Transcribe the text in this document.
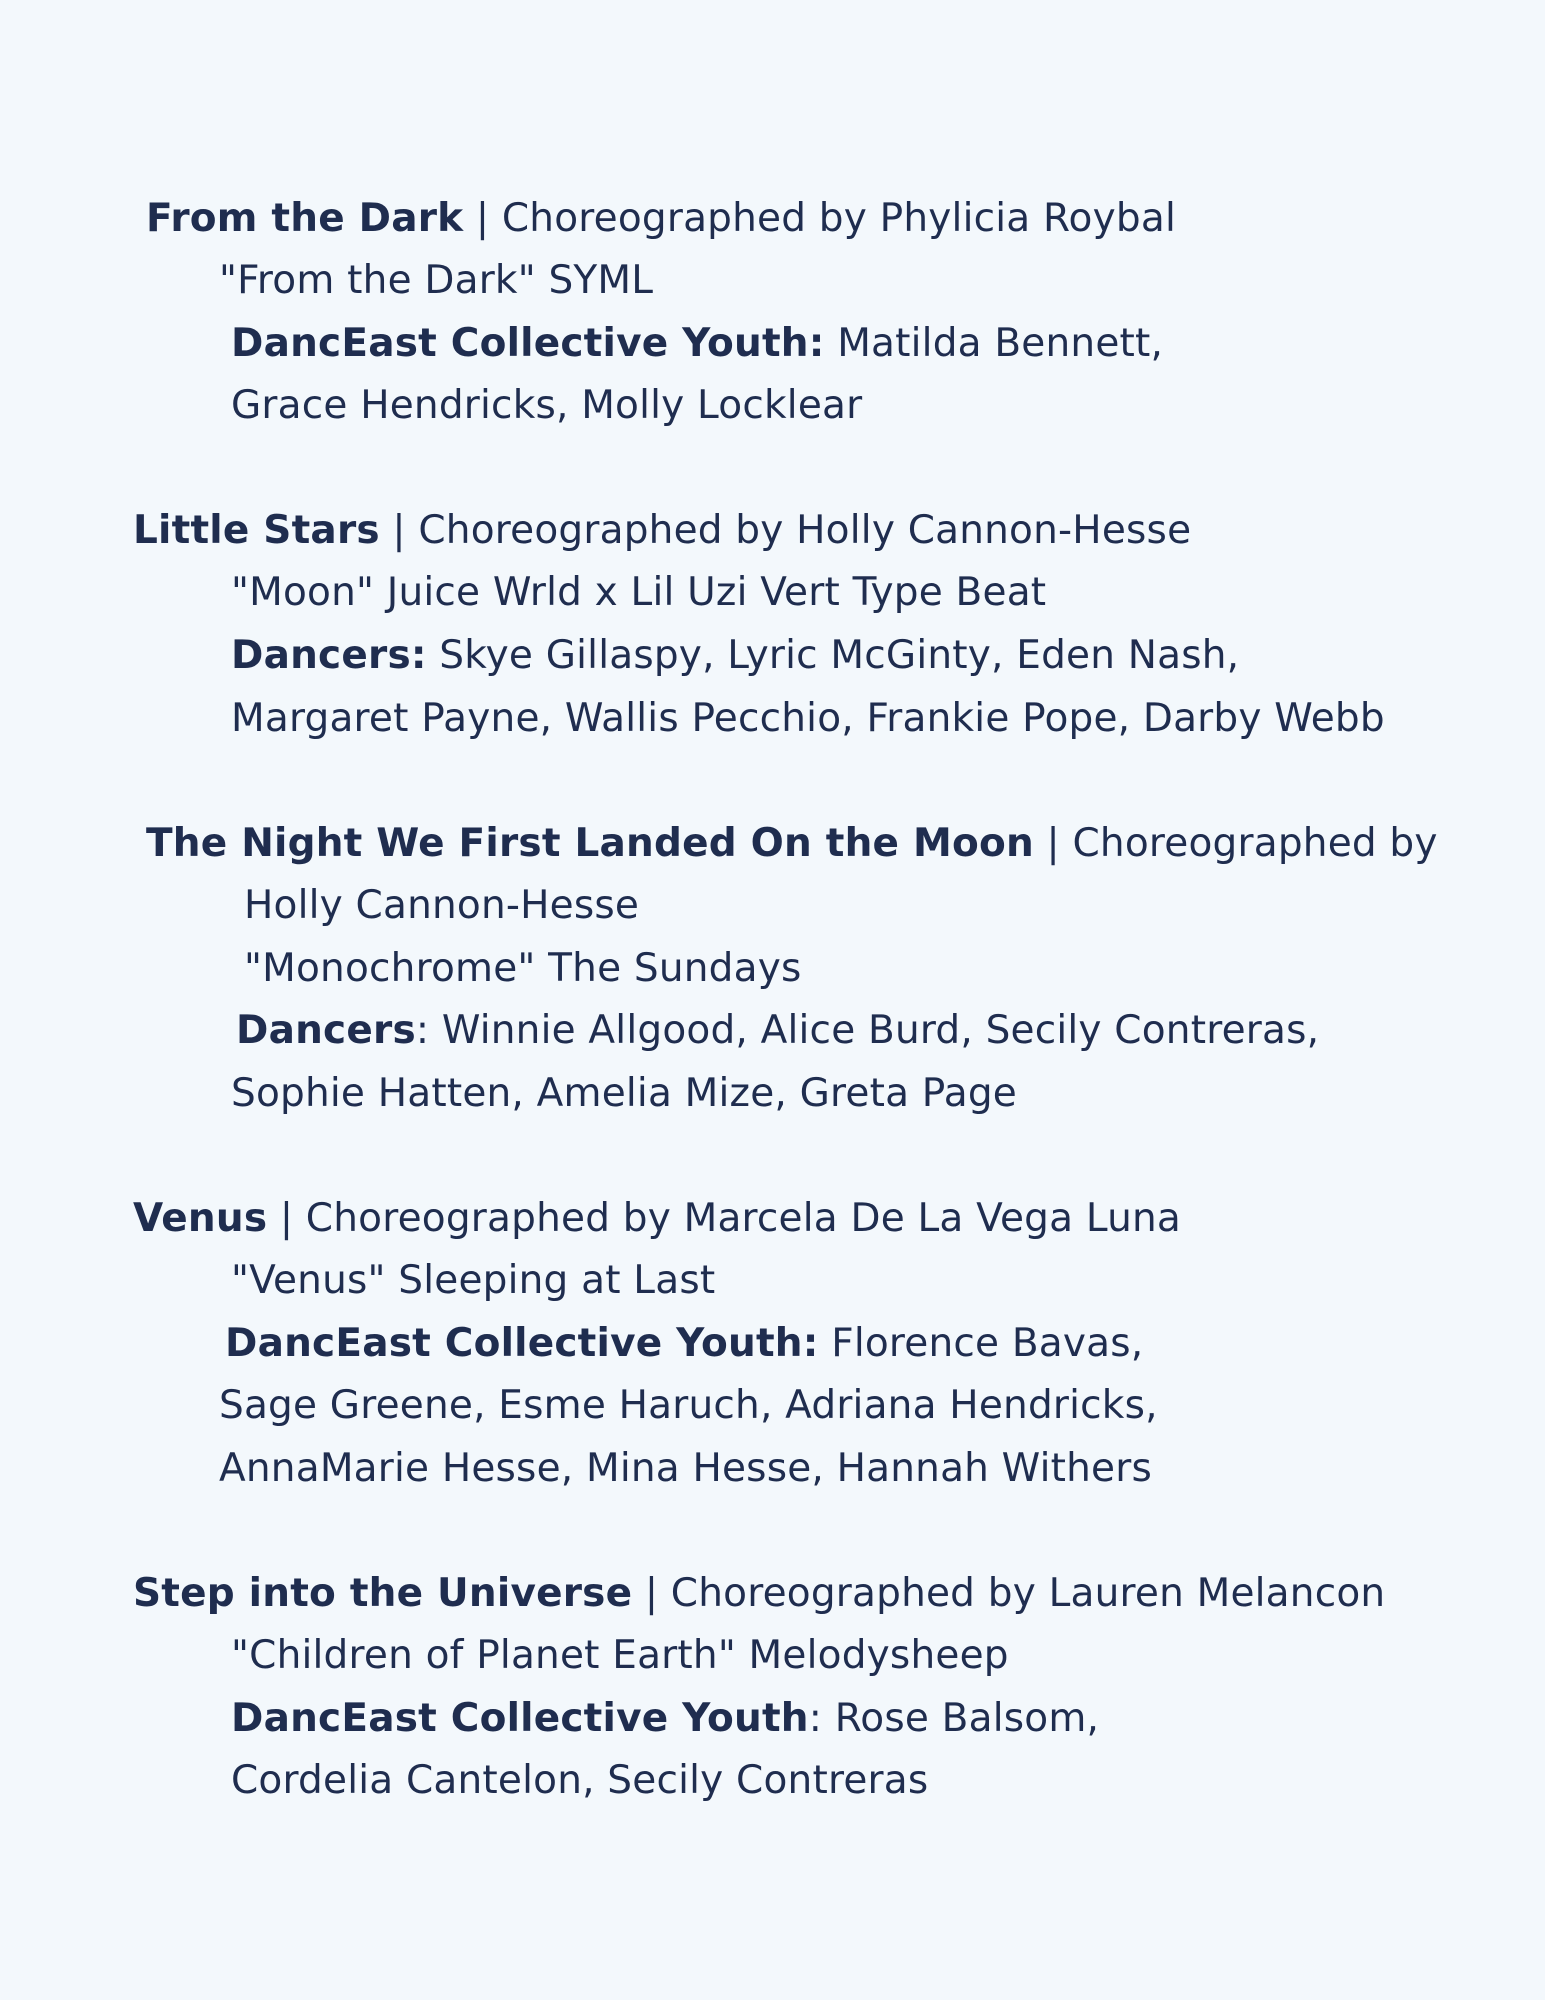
From the Dark | Choreographed by Phylicia Roybal
"From the Dark" SYML
DancEast Collective Youth: Matilda Bennett,
Grace Hendricks, Molly Locklear
Little Stars | Choreographed by Holly Cannon-Hesse
"Moon" Juice Wrld x Lil Uzi Vert Type Beat
Dancers: Skye Gillaspy, Lyric McGinty, Eden Nash,
Margaret Payne, Wallis Pecchio, Frankie Pope, Darby Webb
The Night We First Landed On the Moon | Choreographed by
Holly Cannon-Hesse
"Monochrome" The Sundays
Dancers: Winnie Allgood, Alice Burd, Secily Contreras,
Sophie Hatten, Amelia Mize, Greta Page
Venus | Choreographed by Marcela De La Vega Luna
"Venus" Sleeping at Last
DancEast Collective Youth: Florence Bavas,
Sage Greene, Esme Haruch, Adriana Hendricks,
AnnaMarie Hesse, Mina Hesse, Hannah Withers
Step into the Universe | Choreographed by Lauren Melancon
"Children of Planet Earth" Melodysheep
DancEast Collective Youth: Rose Balsom,
Cordelia Cantelon, Secily Contreras
